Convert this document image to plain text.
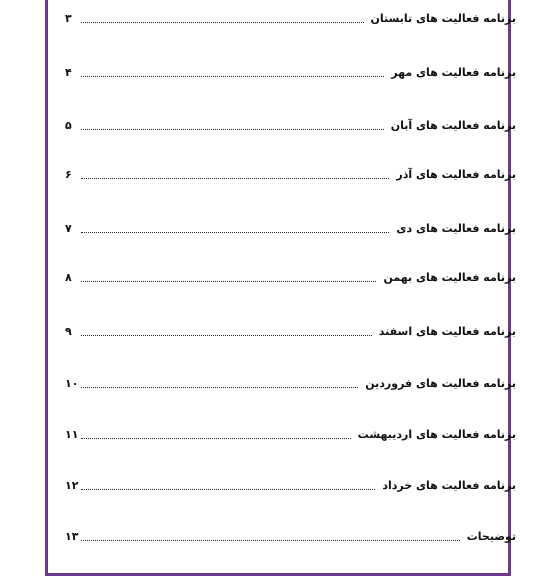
برنامه فعالیت های تابستان
۳
برنامه فعالیت های مهر
۴
برنامه فعالیت های آبان
۵
برنامه فعالیت های آذر
۶
برنامه فعالیت های دی
۷
برنامه فعالیت های بهمن
۸
برنامه فعالیت های اسفند
۹
برنامه فعالیت های فروردین
۱۰
برنامه فعالیت های اردیبهشت
۱۱
برنامه فعالیت های خرداد
۱۲
توضیحات
۱۳
